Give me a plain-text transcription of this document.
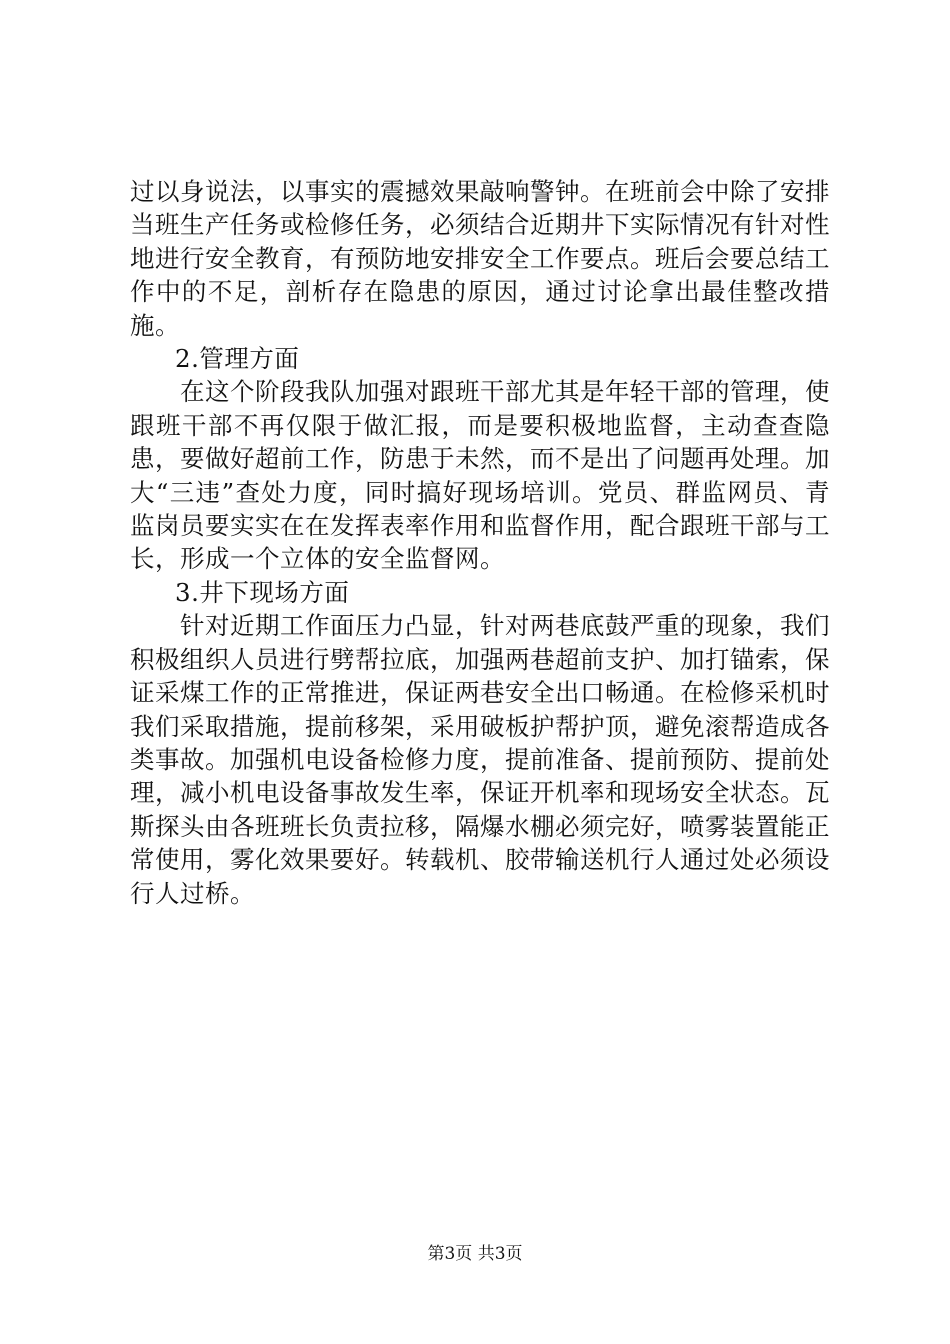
过以身说法，以事实的震撼效果敲响警钟。在班前会中除了安排当班生产任务或检修任务，必须结合近期井下实际情况有针对性地进行安全教育，有预防地安排安全工作要点。班后会要总结工作中的不足，剖析存在隐患的原因，通过讨论拿出最佳整改措施。

2.管理方面

在这个阶段我队加强对跟班干部尤其是年轻干部的管理，使跟班干部不再仅限于做汇报，而是要积极地监督，主动查查隐患，要做好超前工作，防患于未然，而不是出了问题再处理。加大“三违”查处力度，同时搞好现场培训。党员、群监网员、青监岗员要实实在在发挥表率作用和监督作用，配合跟班干部与工长，形成一个立体的安全监督网。

3.井下现场方面

针对近期工作面压力凸显，针对两巷底鼓严重的现象，我们积极组织人员进行劈帮拉底，加强两巷超前支护、加打锚索，保证采煤工作的正常推进，保证两巷安全出口畅通。在检修采机时我们采取措施，提前移架，采用破板护帮护顶，避免滚帮造成各类事故。加强机电设备检修力度，提前准备、提前预防、提前处理，减小机电设备事故发生率，保证开机率和现场安全状态。瓦斯探头由各班班长负责拉移，隔爆水棚必须完好，喷雾装置能正常使用，雾化效果要好。转载机、胶带输送机行人通过处必须设行人过桥。

第3页 共3页
